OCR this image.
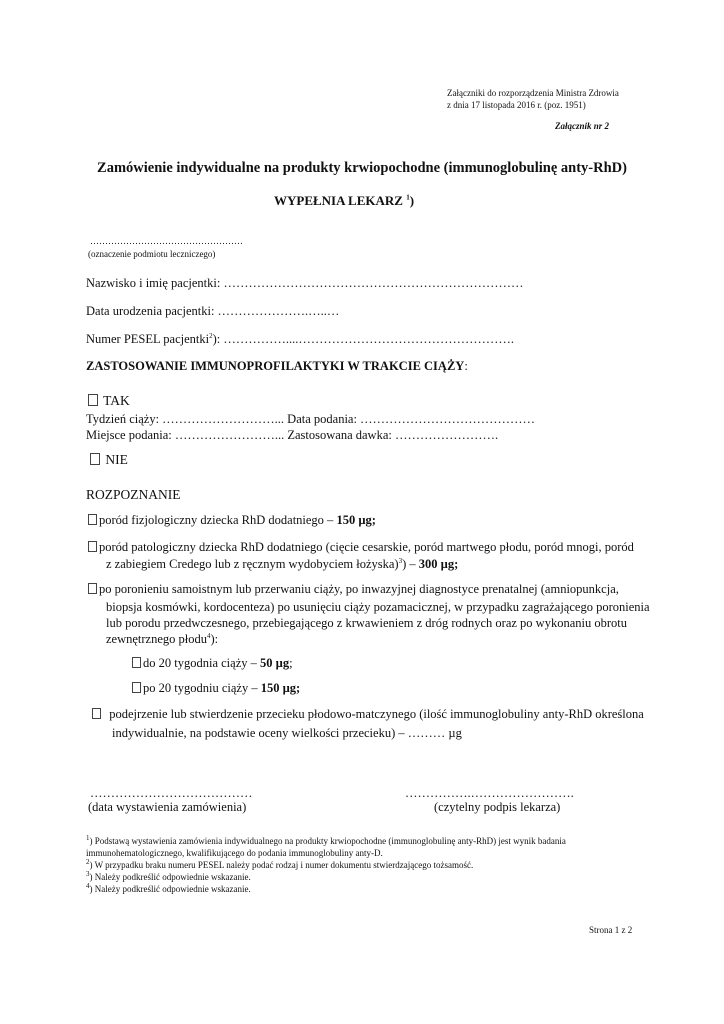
Załączniki do rozporządzenia Ministra Zdrowia
z dnia 17 listopada 2016 r. (poz. 1951)
Załącznik nr 2
Zamówienie indywidualne na produkty krwiopochodne (immunoglobulinę anty-RhD)
WYPEŁNIA LEKARZ $^1$)
……………………………………………
(oznaczenie podmiotu leczniczego)
Nazwisko i imię pacjentki: ………………………………………………………………
Data urodzenia pacjentki: ………………….…..…
Numer PESEL pacjentki$^2$): ……………....…………………………………………….
ZASTOSOWANIE IMMUNOPROFILAKTYKI W TRAKCIE CIĄŻY:
TAK
Tydzień ciąży: ………………………... Data podania: ……………………………………
Miejsce podania: ……………………... Zastosowana dawka: …………………….
NIE
ROZPOZNANIE
poród fizjologiczny dziecka RhD dodatniego – 150 µg;
poród patologiczny dziecka RhD dodatniego (cięcie cesarskie, poród martwego płodu, poród mnogi, poród
z zabiegiem Credego lub z ręcznym wydobyciem łożyska)$^3$) – 300 µg;
po poronieniu samoistnym lub przerwaniu ciąży, po inwazyjnej diagnostyce prenatalnej (amniopunkcja,
biopsja kosmówki, kordocenteza) po usunięciu ciąży pozamacicznej, w przypadku zagrażającego poronienia
lub porodu przedwczesnego, przebiegającego z krwawieniem z dróg rodnych oraz po wykonaniu obrotu
zewnętrznego płodu$^4$):
do 20 tygodnia ciąży – 50 µg;
po 20 tygodniu ciąży – 150 µg;
podejrzenie lub stwierdzenie przecieku płodowo-matczynego (ilość immunoglobuliny anty-RhD określona
indywidualnie, na podstawie oceny wielkości przecieku) – ……… µg
…………………………………
(data wystawienia zamówienia)
…………….…………………….
(czytelny podpis lekarza)
$^1$) Podstawą wystawienia zamówienia indywidualnego na produkty krwiopochodne (immunoglobulinę anty-RhD) jest wynik badania
immunohematologicznego, kwalifikującego do podania immunoglobuliny anty-D.
$^2$) W przypadku braku numeru PESEL należy podać rodzaj i numer dokumentu stwierdzającego tożsamość.
$^3$) Należy podkreślić odpowiednie wskazanie.
$^4$) Należy podkreślić odpowiednie wskazanie.
Strona 1 z 2
